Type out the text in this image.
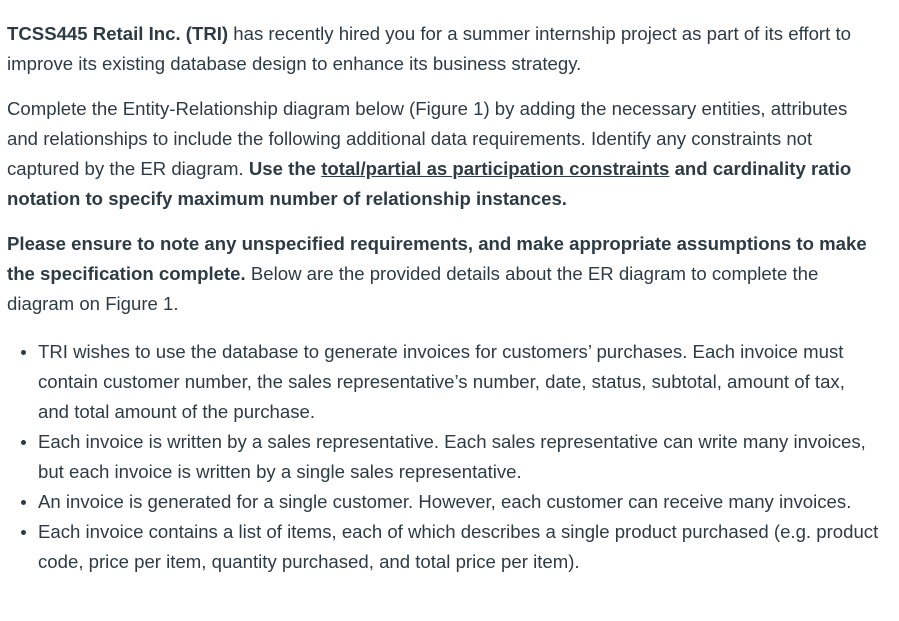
TCSS445 Retail Inc. (TRI) has recently hired you for a summer internship project as part of its effort to improve its existing database design to enhance its business strategy.

Complete the Entity-Relationship diagram below (Figure 1) by adding the necessary entities, attributes and relationships to include the following additional data requirements. Identify any constraints not captured by the ER diagram. Use the total/partial as participation constraints and cardinality ratio notation to specify maximum number of relationship instances.

Please ensure to note any unspecified requirements, and make appropriate assumptions to make the specification complete. Below are the provided details about the ER diagram to complete the diagram on Figure 1.

TRI wishes to use the database to generate invoices for customers’ purchases. Each invoice must contain customer number, the sales representative’s number, date, status, subtotal, amount of tax, and total amount of the purchase.
Each invoice is written by a sales representative. Each sales representative can write many invoices, but each invoice is written by a single sales representative.
An invoice is generated for a single customer. However, each customer can receive many invoices.
Each invoice contains a list of items, each of which describes a single product purchased (e.g. product code, price per item, quantity purchased, and total price per item).
